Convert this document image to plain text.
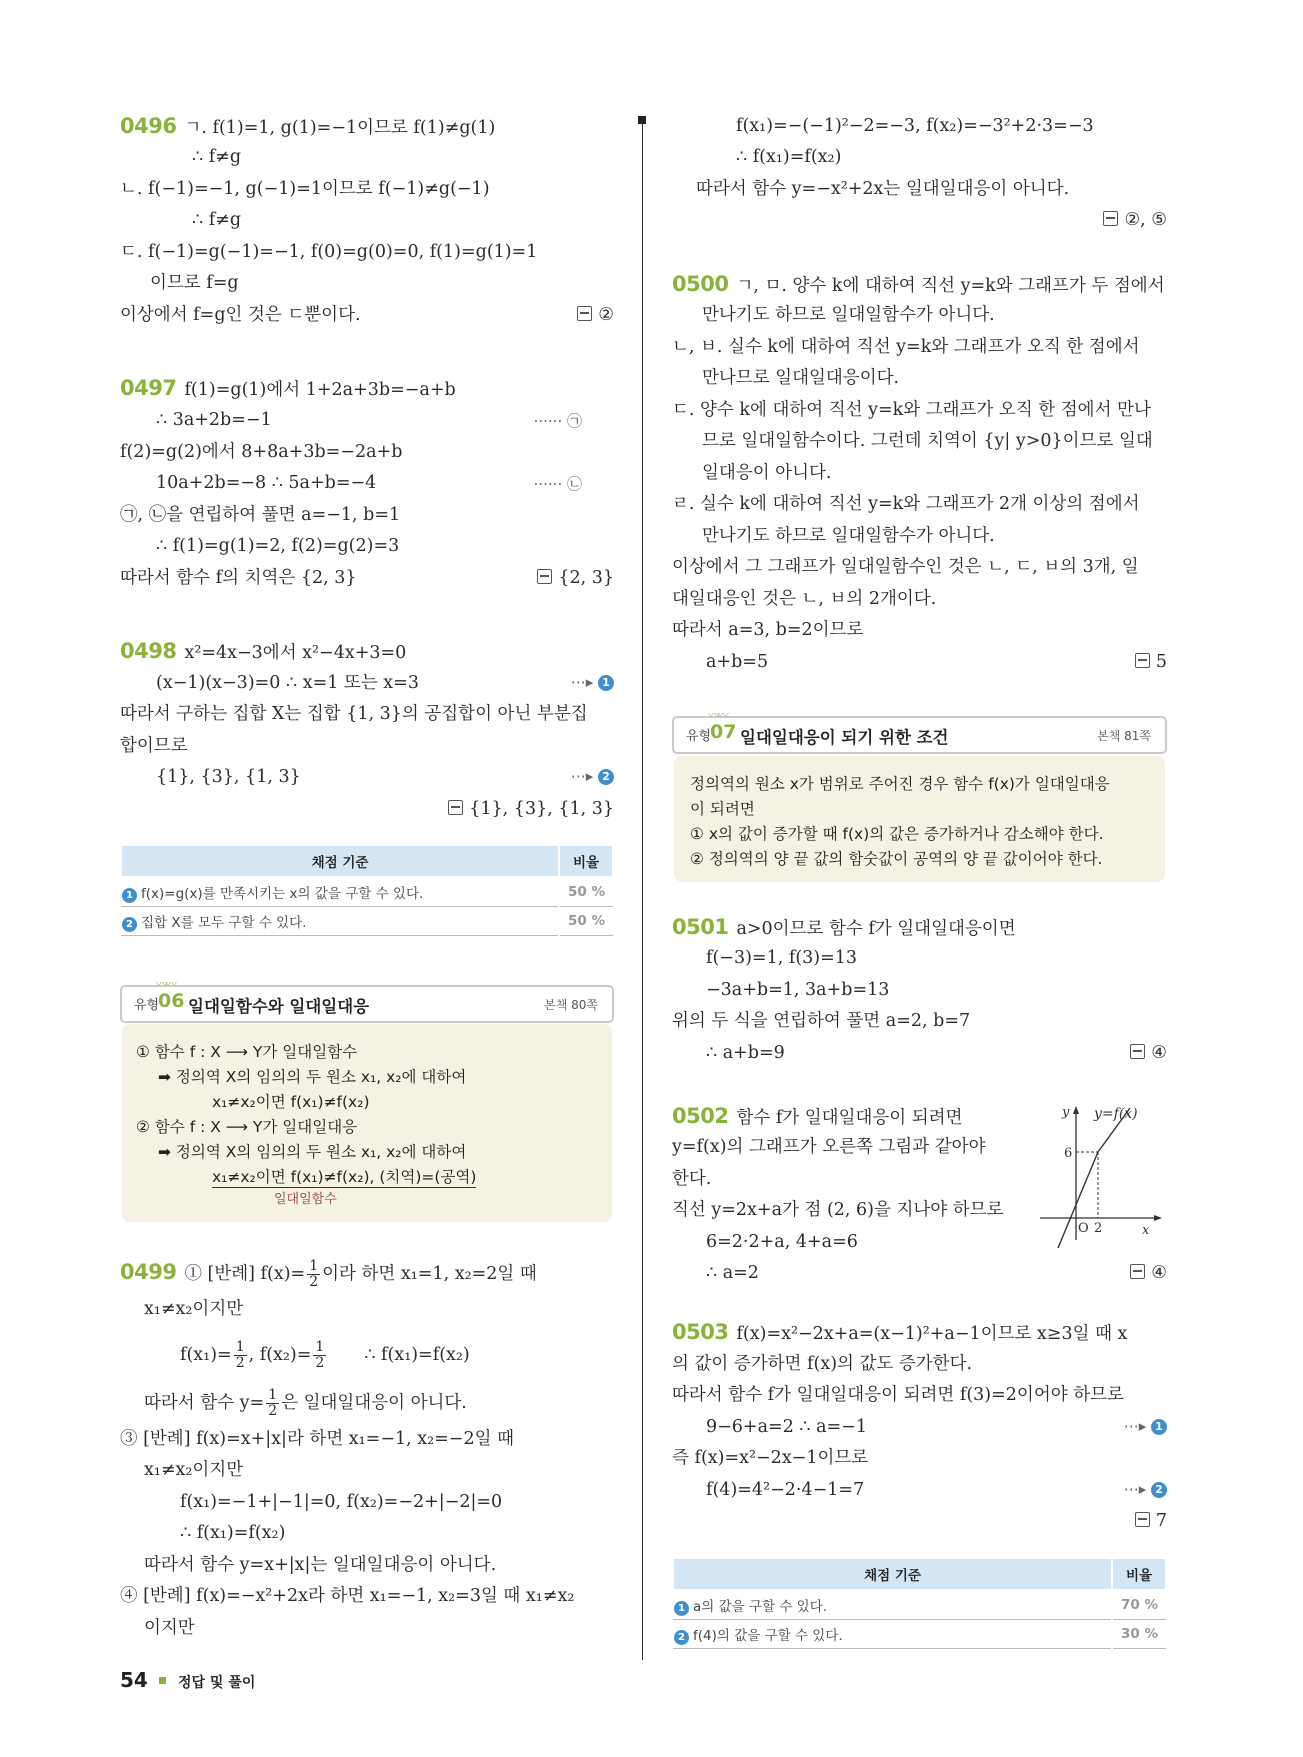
0496 ㄱ. f(1)=1, g(1)=−1이므로 f(1)≠g(1)
∴ f≠g
ㄴ. f(−1)=−1, g(−1)=1이므로 f(−1)≠g(−1)
∴ f≠g
ㄷ. f(−1)=g(−1)=−1, f(0)=g(0)=0, f(1)=g(1)=1
이므로 f=g
이상에서 f=g인 것은 ㄷ뿐이다.	②
0497 f(1)=g(1)에서 1+2a+3b=−a+b
∴ 3a+2b=−1	······ ㉠
f(2)=g(2)에서 8+8a+3b=−2a+b
10a+2b=−8 ∴ 5a+b=−4	······ ㉡
㉠, ㉡을 연립하여 풀면 a=−1, b=1
∴ f(1)=g(1)=2, f(2)=g(2)=3
따라서 함수 f의 치역은 {2, 3}	{2, 3}
0498 x²=4x−3에서 x²−4x+3=0
(x−1)(x−3)=0 ∴ x=1 또는 x=3	⋯▸ 1
따라서 구하는 집합 X는 집합 {1, 3}의 공집합이 아닌 부분집
합이므로
{1}, {3}, {1, 3}	⋯▸ 2
{1}, {3}, {1, 3}
채점 기준	비율
1 f(x)=g(x)를 만족시키는 x의 값을 구할 수 있다.	50 %
2 집합 X를 모두 구할 수 있다.	50 %
〰〰
유형
06 일대일함수와 일대일대응	본책 80쪽
① 함수 f : X ⟶ Y가 일대일함수
➡ 정의역 X의 임의의 두 원소 x₁, x₂에 대하여
x₁≠x₂이면 f(x₁)≠f(x₂)
② 함수 f : X ⟶ Y가 일대일대응
➡ 정의역 X의 임의의 두 원소 x₁, x₂에 대하여
x₁≠x₂이면 f(x₁)≠f(x₂), (치역)=(공역)
일대일함수
0499 ① [반례] $f(x)= \frac{1}{2}$ 이라 하면 x₁=1, x₂=2일 때
x₁≠x₂이지만
$f(x_1)= \frac{1}{2}$ , $f(x_2)= \frac{1}{2}$ ∴ f(x₁)=f(x₂)
따라서 함수 $y= \frac{1}{2}$ 은 일대일대응이 아니다.
③ [반례] f(x)=x+|x|라 하면 x₁=−1, x₂=−2일 때
x₁≠x₂이지만
f(x₁)=−1+|−1|=0, f(x₂)=−2+|−2|=0
∴ f(x₁)=f(x₂)
따라서 함수 y=x+|x|는 일대일대응이 아니다.
④ [반례] f(x)=−x²+2x라 하면 x₁=−1, x₂=3일 때 x₁≠x₂
이지만
54 정답 및 풀이
f(x₁)=−(−1)²−2=−3, f(x₂)=−3²+2·3=−3
∴ f(x₁)=f(x₂)
따라서 함수 y=−x²+2x는 일대일대응이 아니다.
②, ⑤
0500 ㄱ, ㅁ. 양수 k에 대하여 직선 y=k와 그래프가 두 점에서
만나기도 하므로 일대일함수가 아니다.
ㄴ, ㅂ. 실수 k에 대하여 직선 y=k와 그래프가 오직 한 점에서
만나므로 일대일대응이다.
ㄷ. 양수 k에 대하여 직선 y=k와 그래프가 오직 한 점에서 만나
므로 일대일함수이다. 그런데 치역이 {y| y>0}이므로 일대
일대응이 아니다.
ㄹ. 실수 k에 대하여 직선 y=k와 그래프가 2개 이상의 점에서
만나기도 하므로 일대일함수가 아니다.
이상에서 그 그래프가 일대일함수인 것은 ㄴ, ㄷ, ㅂ의 3개, 일
대일대응인 것은 ㄴ, ㅂ의 2개이다.
따라서 a=3, b=2이므로
a+b=5	5
〰〰
유형
07 일대일대응이 되기 위한 조건	본책 81쪽
정의역의 원소 x가 범위로 주어진 경우 함수 f(x)가 일대일대응
이 되려면
① x의 값이 증가할 때 f(x)의 값은 증가하거나 감소해야 한다.
② 정의역의 양 끝 값의 함숫값이 공역의 양 끝 값이어야 한다.
0501 a>0이므로 함수 f가 일대일대응이면
f(−3)=1, f(3)=13
−3a+b=1, 3a+b=13
위의 두 식을 연립하여 풀면 a=2, b=7
∴ a+b=9	④
0502 함수 f가 일대일대응이 되려면
y=f(x)의 그래프가 오른쪽 그림과 같아야
한다.
직선 y=2x+a가 점 (2, 6)을 지나야 하므로
6=2·2+a, 4+a=6
∴ a=2	④
y y=f(x)
6
O 2	x
0503 f(x)=x²−2x+a=(x−1)²+a−1이므로 x≥3일 때 x
의 값이 증가하면 f(x)의 값도 증가한다.
따라서 함수 f가 일대일대응이 되려면 f(3)=2이어야 하므로
9−6+a=2 ∴ a=−1	⋯▸ 1
즉 f(x)=x²−2x−1이므로
f(4)=4²−2·4−1=7	⋯▸ 2
7
채점 기준	비율
1 a의 값을 구할 수 있다.	70 %
2 f(4)의 값을 구할 수 있다.	30 %
